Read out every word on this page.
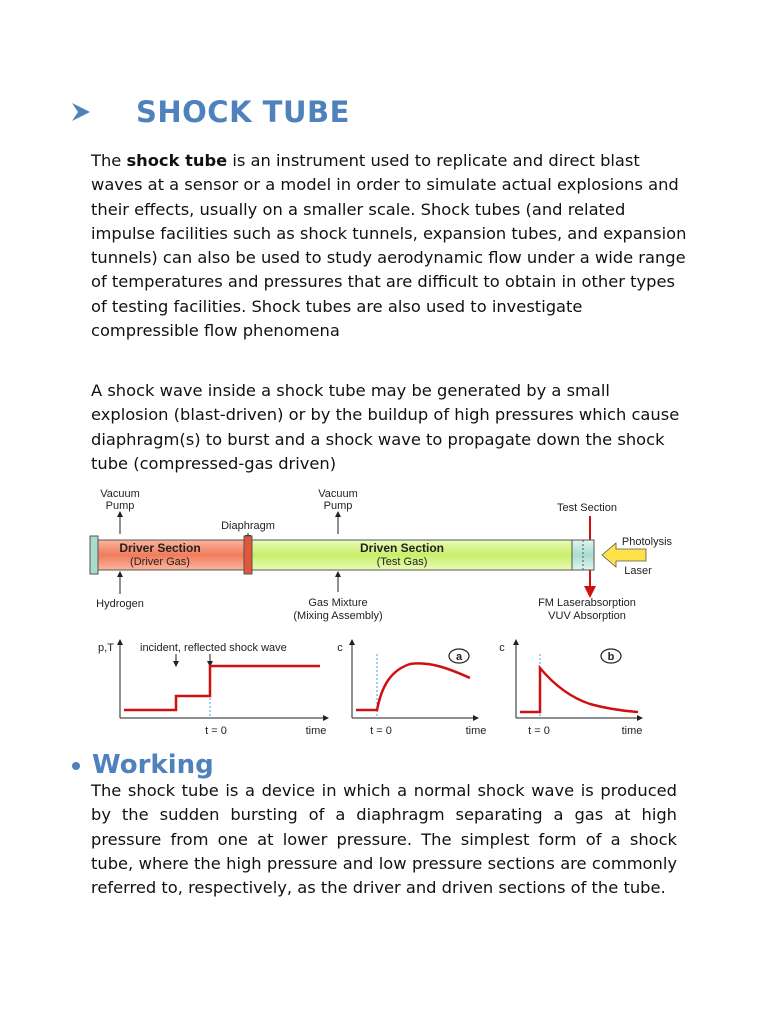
SHOCK TUBE

The shock tube is an instrument used to replicate and direct blast waves at a sensor or a model in order to simulate actual explosions and their effects, usually on a smaller scale. Shock tubes (and related impulse facilities such as shock tunnels, expansion tubes, and expansion tunnels) can also be used to study aerodynamic flow under a wide range of temperatures and pressures that are difficult to obtain in other types of testing facilities. Shock tubes are also used to investigate compressible flow phenomena

A shock wave inside a shock tube may be generated by a small explosion (blast-driven) or by the buildup of high pressures which cause diaphragm(s) to burst and a shock wave to propagate down the shock tube (compressed-gas driven)

Vacuum
Pump
Diaphragm
Vacuum
Pump	Test Section
Driver Section
(Driver Gas)
Driven Section
(Test Gas)
Photolysis
Laser
Hydrogen	Gas Mixture
(Mixing Assembly)
FM Laserabsorption
VUV Absorption
p,T incident, reflected shock wave
t = 0	time
c
a
t = 0	time
c
b
t = 0	time
Working

The shock tube is a device in which a normal shock wave is produced by the sudden bursting of a diaphragm separating a gas at high pressure from one at lower pressure. The simplest form of a shock tube, where the high pressure and low pressure sections are commonly referred to, respectively, as the driver and driven sections of the tube.
